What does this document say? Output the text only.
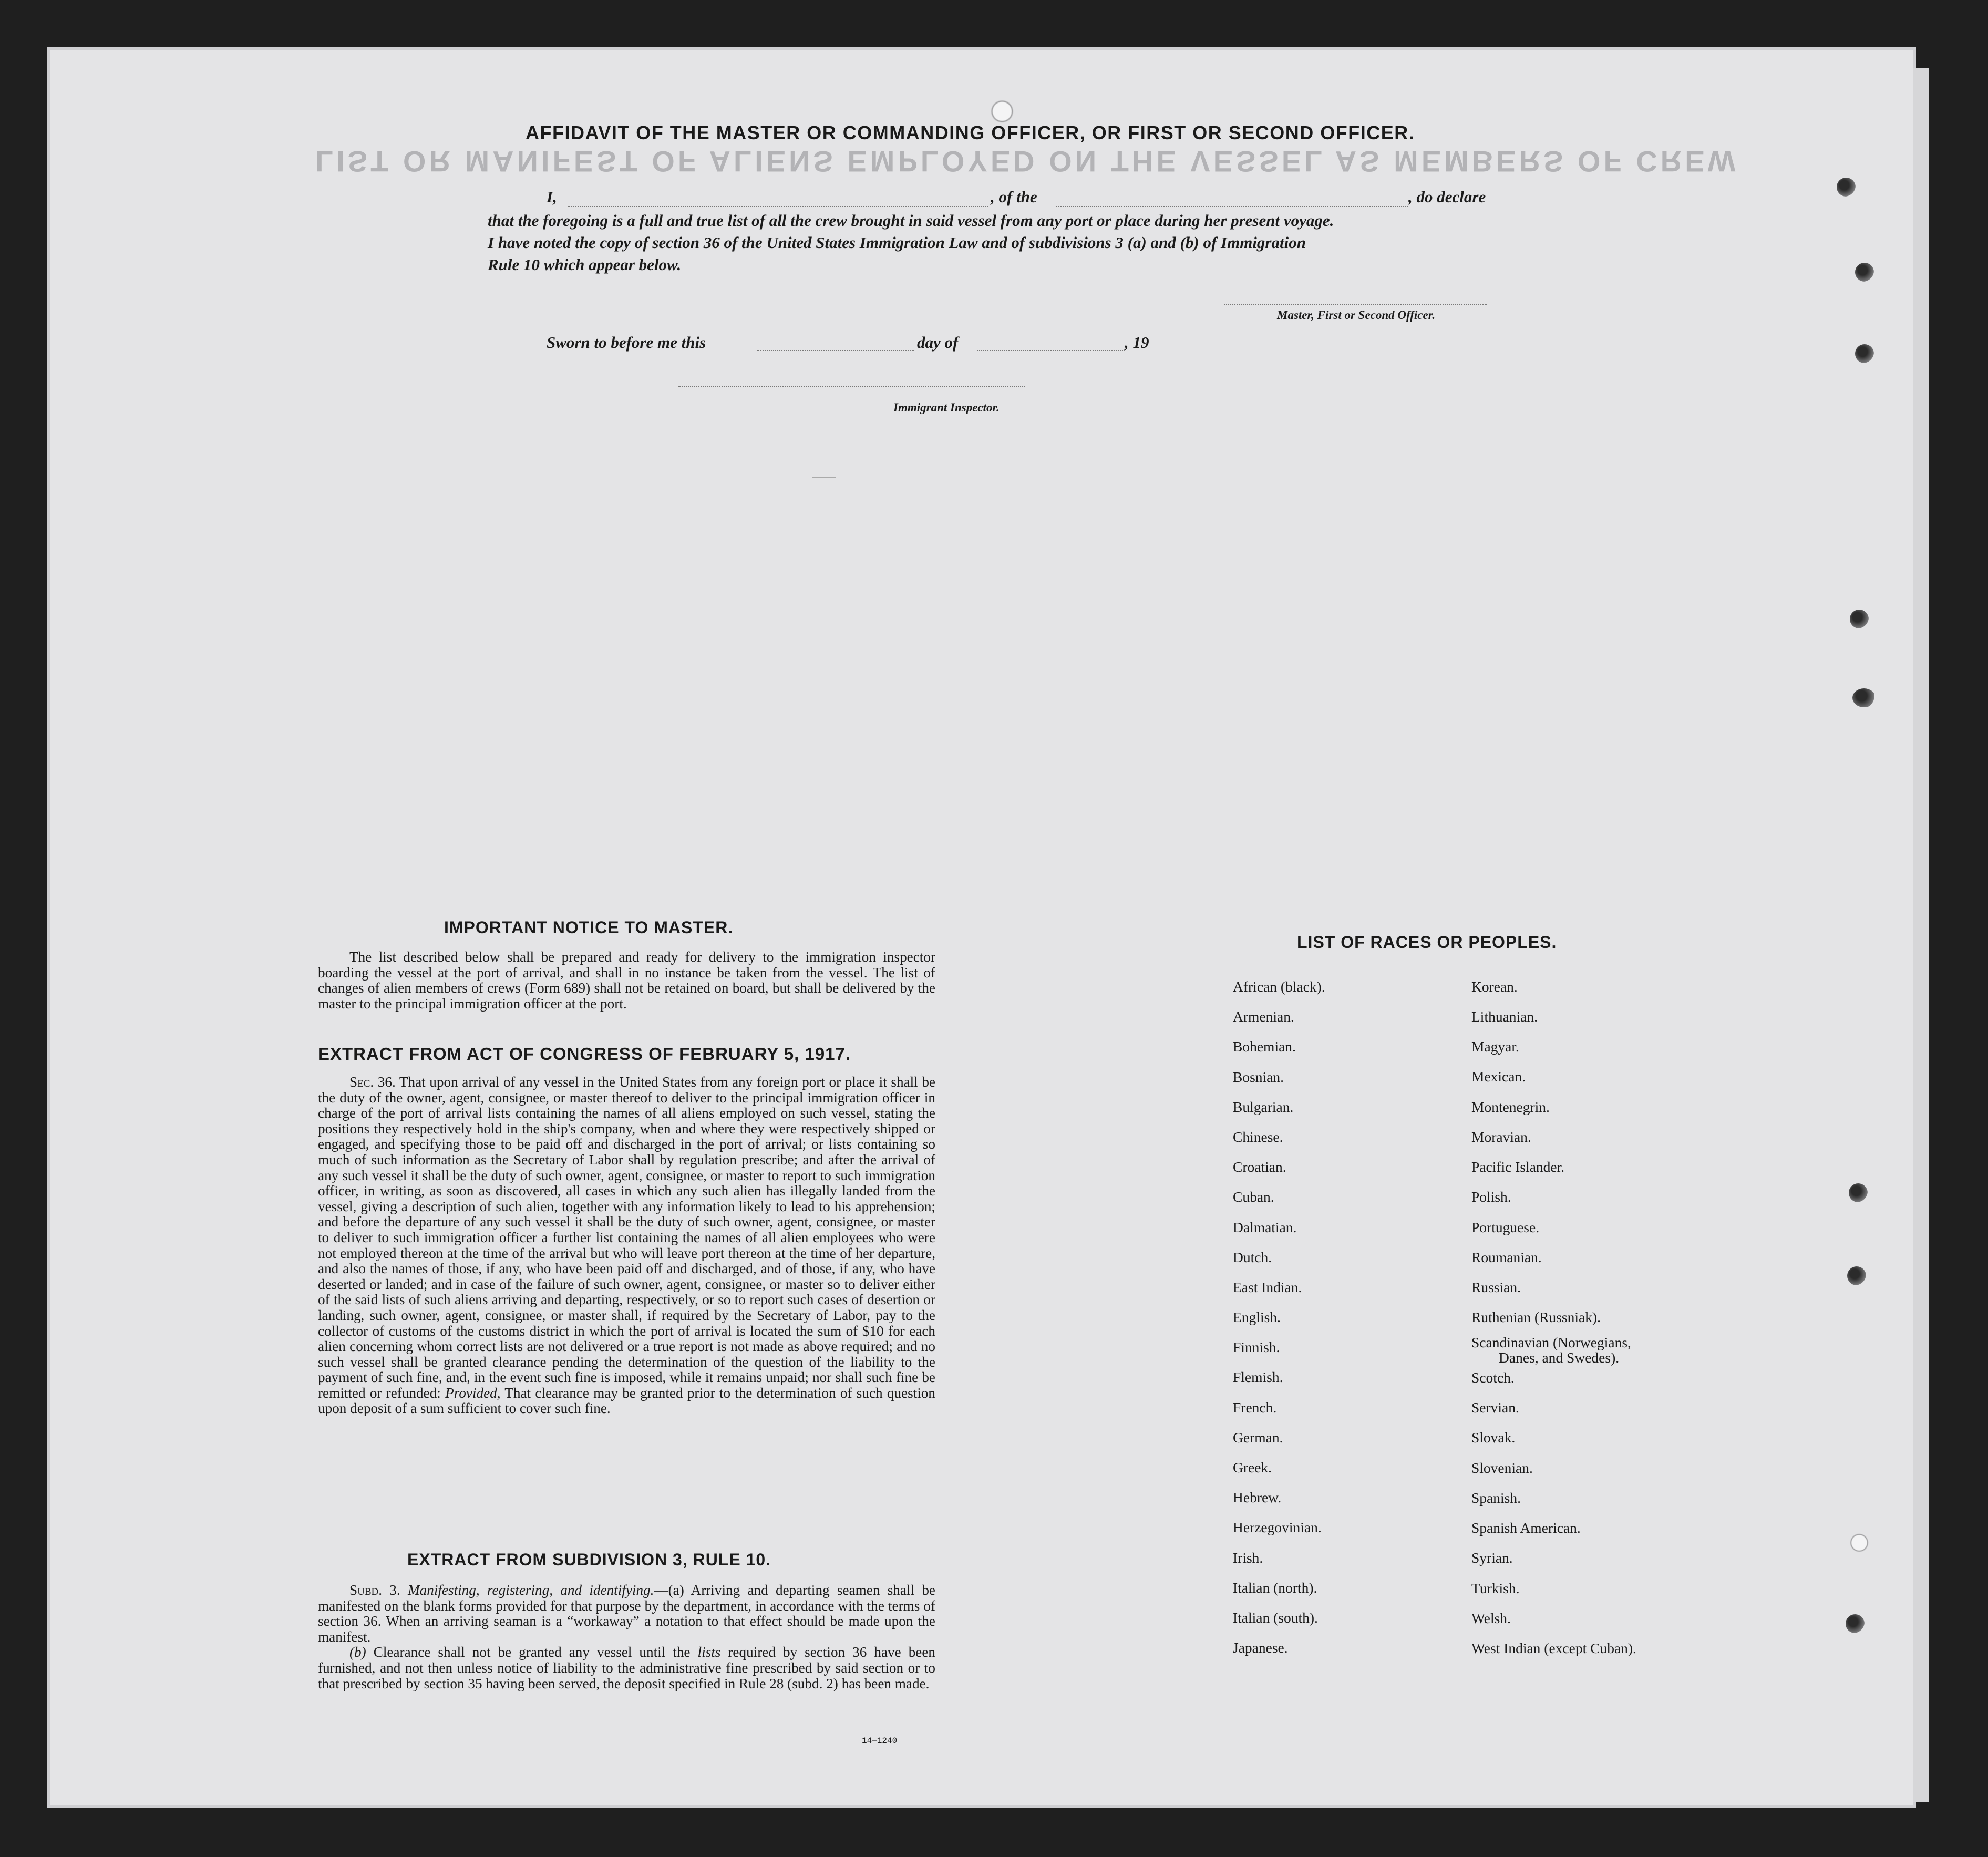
LIST OR MANIFEST OF ALIENS EMPLOYED ON THE VESSEL AS MEMBERS OF CREW
AFFIDAVIT OF THE MASTER OR COMMANDING OFFICER, OR FIRST OR SECOND OFFICER.
I,	, of the	, do declare
that the foregoing is a full and true list of all the crew brought in said vessel from any port or place during her present voyage.
I have noted the copy of section 36 of the United States Immigration Law and of subdivisions 3 (a) and (b) of Immigration
Rule 10 which appear below.
Master, First or Second Officer.
Sworn to before me this	day of	, 19
Immigrant Inspector.
IMPORTANT NOTICE TO MASTER.

The list described below shall be prepared and ready for delivery to the immigration inspector boarding the vessel at the port of arrival, and shall in no instance be taken from the vessel. The list of changes of alien members of crews (Form 689) shall not be retained on board, but shall be delivered by the master to the principal immigration officer at the port.

EXTRACT FROM ACT OF CONGRESS OF FEBRUARY 5, 1917.

Sec. 36. That upon arrival of any vessel in the United States from any foreign port or place it shall be the duty of the owner, agent, consignee, or master thereof to deliver to the principal immigration officer in charge of the port of arrival lists containing the names of all aliens employed on such vessel, stating the positions they respectively hold in the ship's company, when and where they were respectively shipped or engaged, and specifying those to be paid off and discharged in the port of arrival; or lists containing so much of such information as the Secretary of Labor shall by regulation prescribe; and after the arrival of any such vessel it shall be the duty of such owner, agent, consignee, or master to report to such immigration officer, in writing, as soon as discovered, all cases in which any such alien has illegally landed from the vessel, giving a description of such alien, together with any information likely to lead to his apprehension; and before the departure of any such vessel it shall be the duty of such owner, agent, consignee, or master to deliver to such immigration officer a further list containing the names of all alien employees who were not employed thereon at the time of the arrival but who will leave port thereon at the time of her departure, and also the names of those, if any, who have been paid off and discharged, and of those, if any, who have deserted or landed; and in case of the failure of such owner, agent, consignee, or master so to deliver either of the said lists of such aliens arriving and departing, respectively, or so to report such cases of desertion or landing, such owner, agent, consignee, or master shall, if required by the Secretary of Labor, pay to the collector of customs of the customs district in which the port of arrival is located the sum of $10 for each alien concerning whom correct lists are not delivered or a true report is not made as above required; and no such vessel shall be granted clearance pending the determination of the question of the liability to the payment of such fine, and, in the event such fine is imposed, while it remains unpaid; nor shall such fine be remitted or refunded: Provided, That clearance may be granted prior to the determination of such question upon deposit of a sum sufficient to cover such fine.

EXTRACT FROM SUBDIVISION 3, RULE 10.

Subd. 3. Manifesting, registering, and identifying.—(a) Arriving and departing seamen shall be manifested on the blank forms provided for that purpose by the department, in accordance with the terms of section 36. When an arriving seaman is a “workaway” a notation to that effect should be made upon the manifest.

(b) Clearance shall not be granted any vessel until the lists required by section 36 have been furnished, and not then unless notice of liability to the administrative fine prescribed by said section or to that prescribed by section 35 having been served, the deposit specified in Rule 28 (subd. 2) has been made.

14—1240
LIST OF RACES OR PEOPLES.
African (black).
Armenian.
Bohemian.
Bosnian.
Bulgarian.
Chinese.
Croatian.
Cuban.
Dalmatian.
Dutch.
East Indian.
English.
Finnish.
Flemish.
French.
German.
Greek.
Hebrew.
Herzegovinian.
Irish.
Italian (north).
Italian (south).
Japanese.
Korean.
Lithuanian.
Magyar.
Mexican.
Montenegrin.
Moravian.
Pacific Islander.
Polish.
Portuguese.
Roumanian.
Russian.
Ruthenian (Russniak).
Scandinavian (Norwegians,
Danes, and Swedes).
Scotch.
Servian.
Slovak.
Slovenian.
Spanish.
Spanish American.
Syrian.
Turkish.
Welsh.
West Indian (except Cuban).
